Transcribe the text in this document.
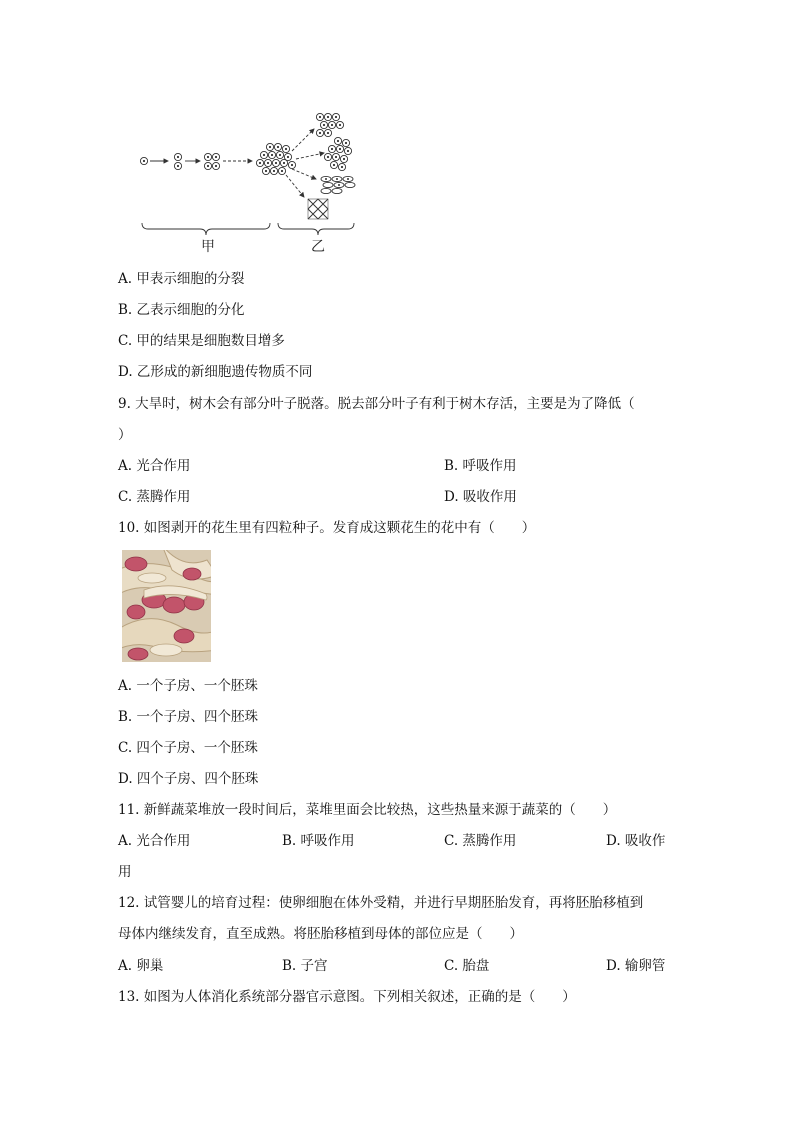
甲	乙
A. 甲表示细胞的分裂
B. 乙表示细胞的分化
C. 甲的结果是细胞数目增多
D. 乙形成的新细胞遗传物质不同
9. 大旱时，树木会有部分叶子脱落。脱去部分叶子有利于树木存活，主要是为了降低（
）
A. 光合作用	B. 呼吸作用
C. 蒸腾作用	D. 吸收作用
10. 如图剥开的花生里有四粒种子。发育成这颗花生的花中有（　　）
A. 一个子房、一个胚珠
B. 一个子房、四个胚珠
C. 四个子房、一个胚珠
D. 四个子房、四个胚珠
11. 新鲜蔬菜堆放一段时间后，菜堆里面会比较热，这些热量来源于蔬菜的（　　）
A. 光合作用	B. 呼吸作用	C. 蒸腾作用	D. 吸收作
用
12. 试管婴儿的培育过程：使卵细胞在体外受精，并进行早期胚胎发育，再将胚胎移植到
母体内继续发育，直至成熟。将胚胎移植到母体的部位应是（　　）
A. 卵巢	B. 子宫	C. 胎盘	D. 输卵管
13. 如图为人体消化系统部分器官示意图。下列相关叙述，正确的是（　　）
